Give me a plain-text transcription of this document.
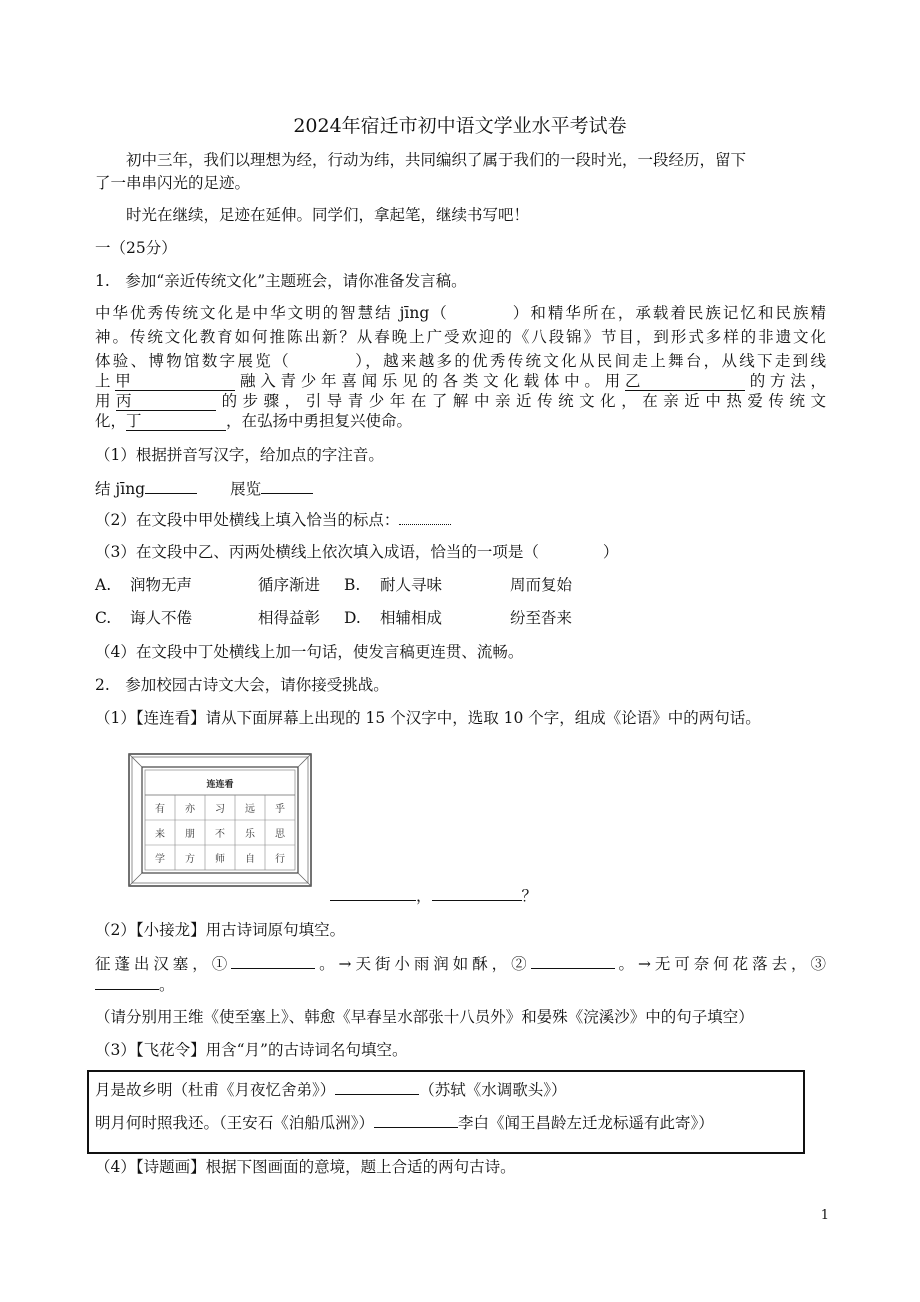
2024年宿迁市初中语文学业水平考试卷
　　初中三年，我们以理想为经，行动为纬，共同编织了属于我们的一段时光，一段经历，留下
了一串串闪光的足迹。
　　时光在继续，足迹在延伸。同学们，拿起笔，继续书写吧！
一（25分）
1.　参加“亲近传统文化”主题班会，请你准备发言稿。
中华优秀传统文化是中华文明的智慧结 jīng（	）和精华所在，承载着民族记忆和民族精
神。传统文化教育如何推陈出新？从春晚上广受欢迎的《八段锦》节目，到形式多样的非遗文化
体验、博物馆数字展览（	），越来越多的优秀传统文化从民间走上舞台，从线下走到线
上甲	融入青少年喜闻乐见的各类文化载体中。用乙	的方法，
用丙	的步骤，引导青少年在了解中亲近传统文化，在亲近中热爱传统文
化，丁	，在弘扬中勇担复兴使命。
（1）根据拼音写汉字，给加点的字注音。
结 jīng	展览
（2）在文段中甲处横线上填入恰当的标点：
（3）在文段中乙、丙两处横线上依次填入成语，恰当的一项是（	）
A. 润物无声	循序渐进 B. 耐人寻味	周而复始
C. 诲人不倦	相得益彰 D. 相辅相成	纷至沓来
（4）在文段中丁处横线上加一句话，使发言稿更连贯、流畅。
2.　参加校园古诗文大会，请你接受挑战。
（1）【连连看】请从下面屏幕上出现的 15 个汉字中，选取 10 个字，组成《论语》中的两句话。
连连看
有 亦 习 远 乎
来 朋 不 乐 思
学 方 师 自 行
，	？
（2）【小接龙】用古诗词原句填空。
征蓬出汉塞，①	。→天街小雨润如酥，②	。→无可奈何花落去，③
。
（请分别用王维《使至塞上》、韩愈《早春呈水部张十八员外》和晏殊《浣溪沙》中的句子填空）
（3）【飞花令】用含“月”的古诗词名句填空。
月是故乡明（杜甫《月夜忆舍弟》）	（苏轼《水调歌头》）
明月何时照我还。（王安石《泊船瓜洲》）	李白《闻王昌龄左迁龙标遥有此寄》）
（4）【诗题画】根据下图画面的意境，题上合适的两句古诗。
1
